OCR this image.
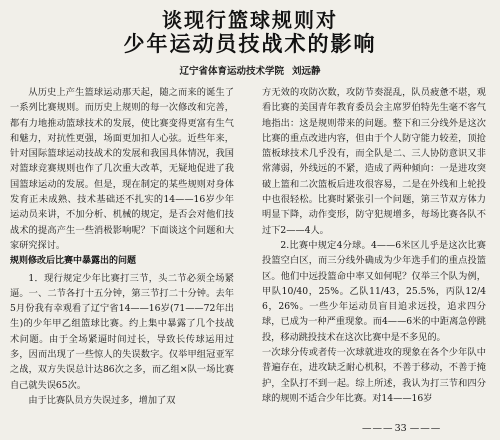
谈现行篮球规则对
少年运动员技战术的影响
辽宁省体育运动技术学院 刘远静

从历史上产生篮球运动那天起，随之而来的诞生了一系列比赛规则。而历史上规则的每一次修改和完善，都有力地推动篮球技术的发展，使比赛变得更富有生气和魅力，对抗性更强，场面更加扣人心弦。近些年来，针对国际篮球运动技战术的发展和我国具体情况，我国对篮球竞赛规则也作了几次重大改革，无疑地促进了我国篮球运动的发展。但是，现在制定的某些规则对身体发育正未成熟、技术基础还不扎实的14——16岁少年运动员来讲，不加分析、机械的规定，是否会对他们技战术的提高产生一些消极影响呢？下面谈这个问题和大家研究探讨。

规则修改后比赛中暴露出的问题

1．现行规定少年比赛打三节，头二节必须全场紧逼。一、二节各打十五分钟，第三节打二十分钟。去年5月份我有幸观看了辽宁省14——16岁(71——72年出生)的少年甲乙组篮球比赛。约上集中暴露了几个技战术问题。由于全场紧逼时间过长，导致长传球运用过多，因而出现了一些惊人的失误数字。仅举甲组冠亚军之战，双方失误总计达86次之多，而乙组×队一场比赛自己就失误65次。

由于比赛队员方失误过多，增加了双

方无效的攻防次数，攻防节奏混乱，队员疲惫不堪，观看比赛的美国青年教育委员会主席罗伯特先生毫不客气地指出：这是规则带来的问题。整下和三分线外是这次比赛的重点改进内容，但由于个人防守能力较差，顶抢篮板球技术几乎没有，而全队是二、三人协防意识又非常薄弱，外线远的不紧，造成了两种倾向：一是进攻突破上篮和二次篮板后进攻很容易，二是在外线和上轮投中也很轻松。比赛时紧张引一个问题，第三节双方体力明显下降，动作变形，防守犯规增多，每场比赛各队不过下2——4人。

2.比赛中规定4分球。4——6米区儿乎是这次比赛投篮空白区，而三分线外确成为少年选手们的重点投篮区。他们中远投篮命中率又如何呢？仅举三个队为例，甲队10/40，25%。乙队11/43，25.5%，丙队12/46，26%。一些少年运动员盲目追求远投，追求四分球，已成为一种严重现象。而4——6米的中距离急停跳投，移动跳投技术在这次比赛中是不多见的。

一次球分传或者传一次球就进攻的现象在各个少年队中普遍存在，进攻缺乏耐心机积，不善于移动，不善于掩护，全队打不到一起。综上所述，我认为打三节和四分球的规则不适合少年比赛。对14——16岁

— — — 33 — — —
